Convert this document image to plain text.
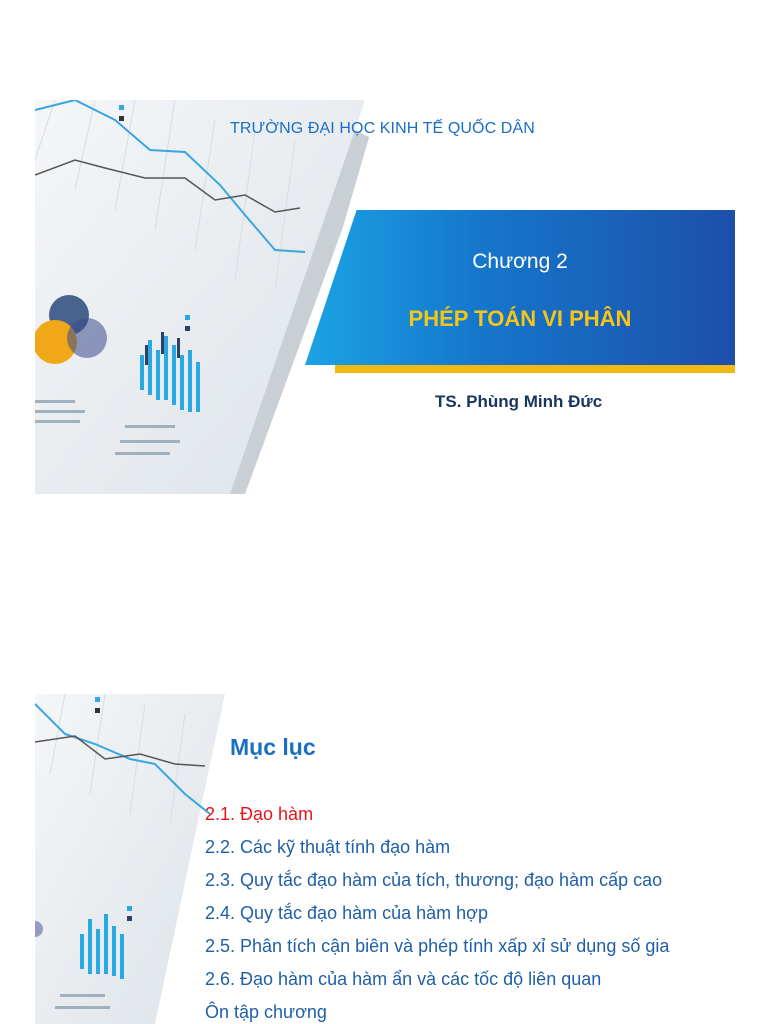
TRƯỜNG ĐẠI HỌC KINH TẾ QUỐC DÂN
Chương 2
PHÉP TOÁN VI PHÂN
TS. Phùng Minh Đức
Mục lục
2.1. Đạo hàm
2.2. Các kỹ thuật tính đạo hàm
2.3. Quy tắc đạo hàm của tích, thương; đạo hàm cấp cao
2.4. Quy tắc đạo hàm của hàm hợp
2.5. Phân tích cận biên và phép tính xấp xỉ sử dụng số gia
2.6. Đạo hàm của hàm ẩn và các tốc độ liên quan
Ôn tập chương
